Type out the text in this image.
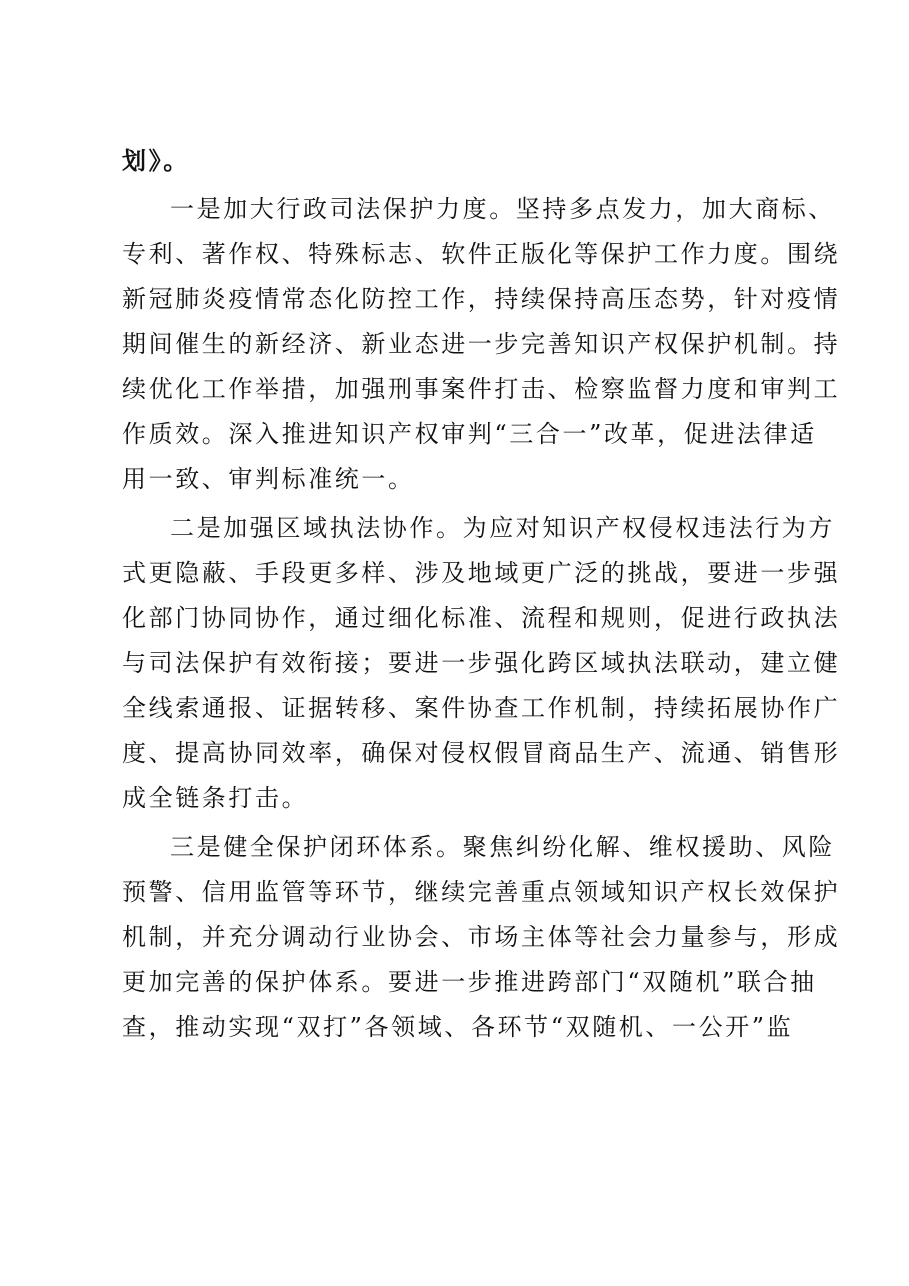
划》。
一是加大行政司法保护力度。坚持多点发力，加大商标、
专利、著作权、特殊标志、软件正版化等保护工作力度。围绕
新冠肺炎疫情常态化防控工作，持续保持高压态势，针对疫情
期间催生的新经济、新业态进一步完善知识产权保护机制。持
续优化工作举措，加强刑事案件打击、检察监督力度和审判工
作质效。深入推进知识产权审判“三合一”改革，促进法律适
用一致、审判标准统一。
二是加强区域执法协作。为应对知识产权侵权违法行为方
式更隐蔽、手段更多样、涉及地域更广泛的挑战，要进一步强
化部门协同协作，通过细化标准、流程和规则，促进行政执法
与司法保护有效衔接；要进一步强化跨区域执法联动，建立健
全线索通报、证据转移、案件协查工作机制，持续拓展协作广
度、提高协同效率，确保对侵权假冒商品生产、流通、销售形
成全链条打击。
三是健全保护闭环体系。聚焦纠纷化解、维权援助、风险
预警、信用监管等环节，继续完善重点领域知识产权长效保护
机制，并充分调动行业协会、市场主体等社会力量参与，形成
更加完善的保护体系。要进一步推进跨部门“双随机”联合抽
查，推动实现“双打”各领域、各环节“双随机、一公开”监
